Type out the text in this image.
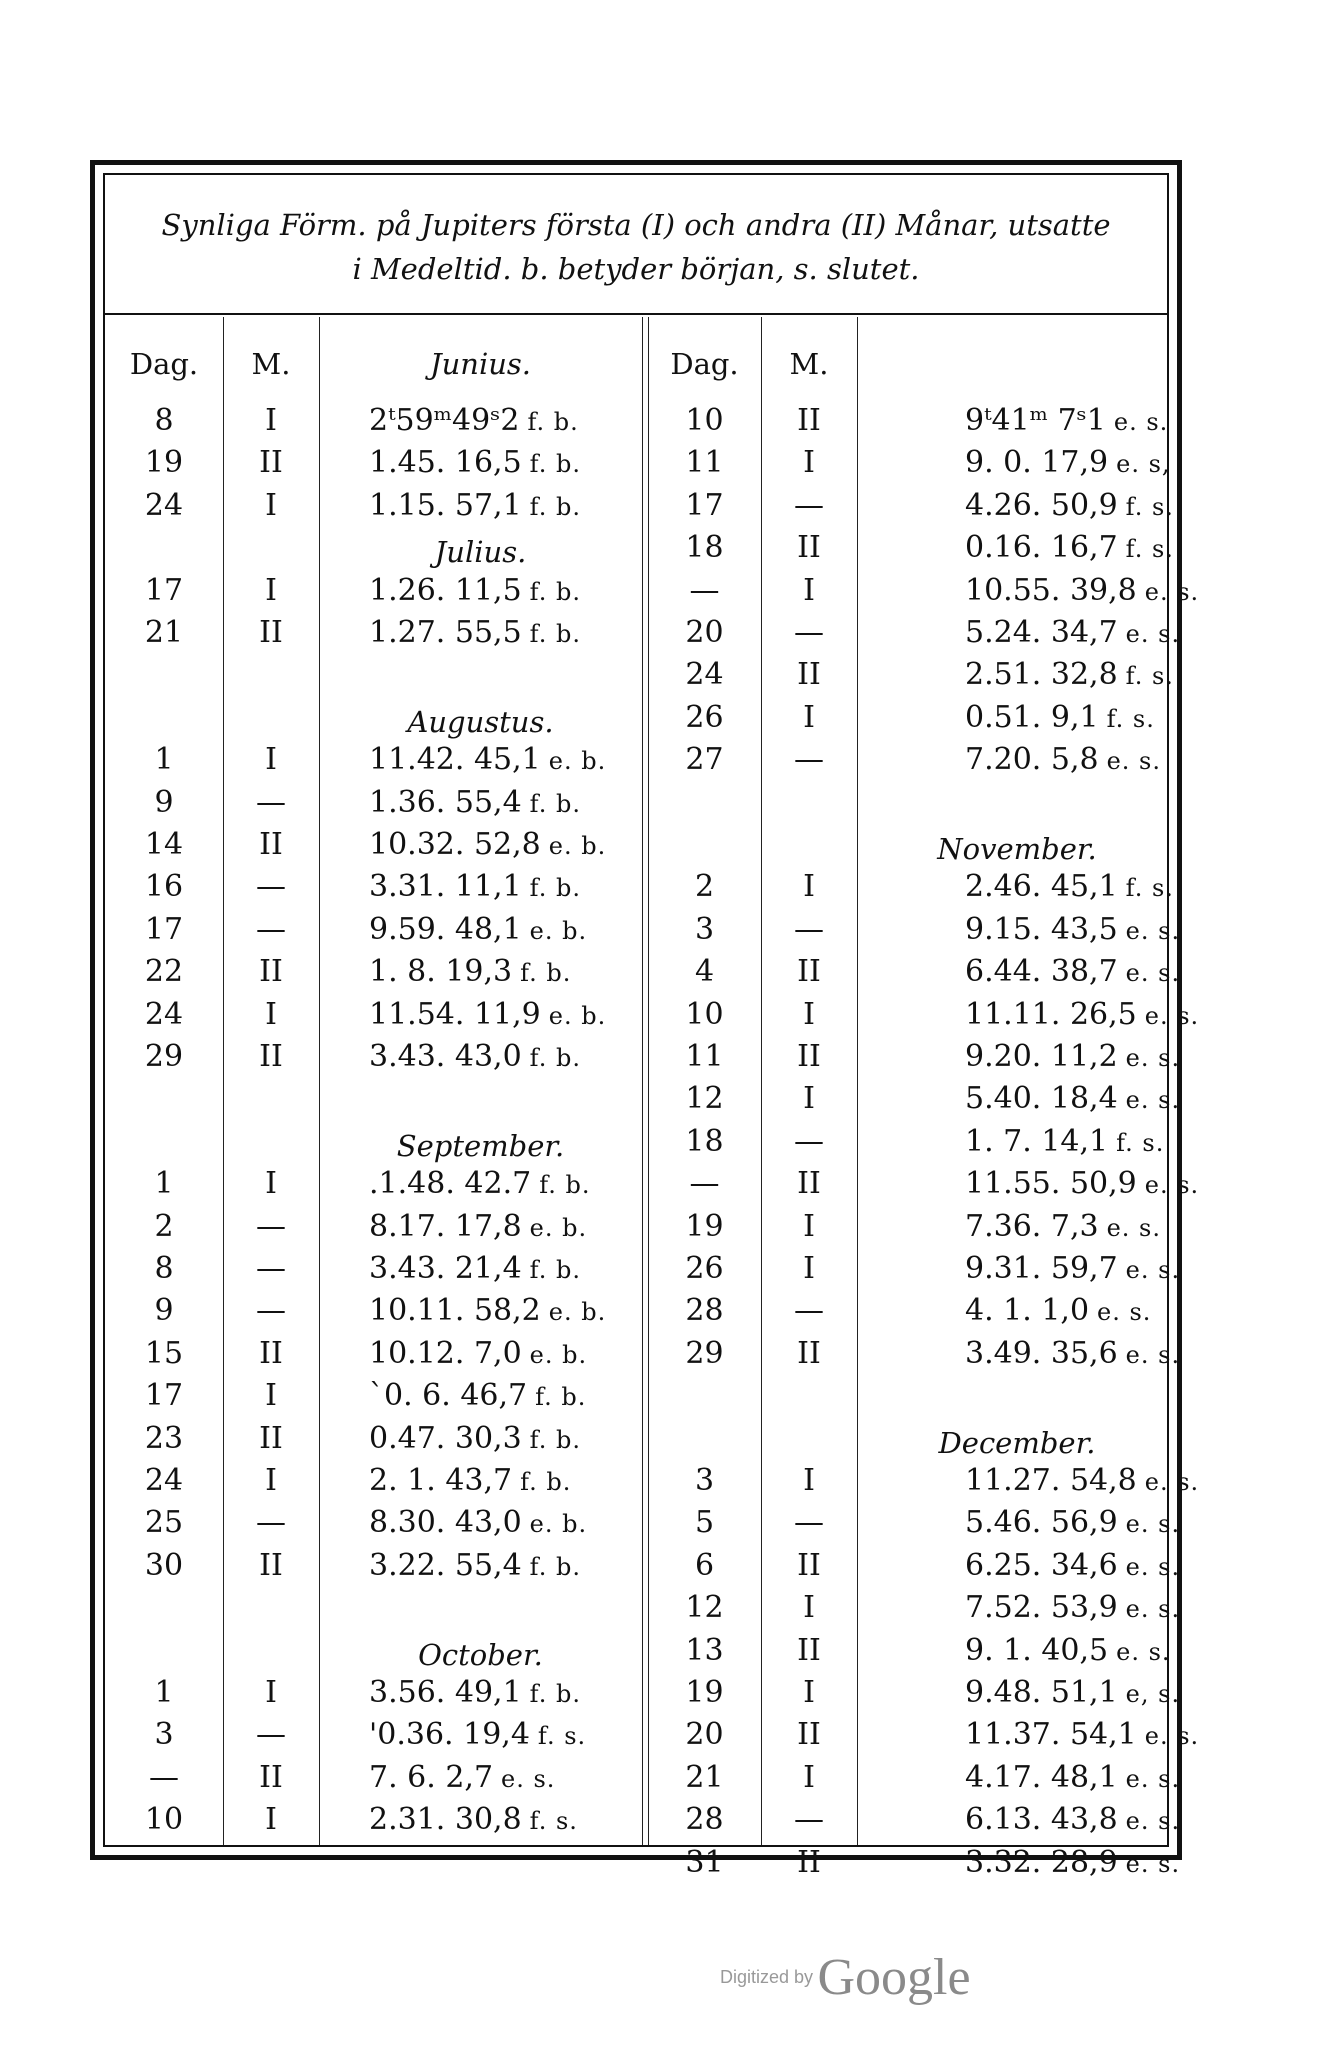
Synliga Förm. på Jupiters första (I) och andra (II) Månar, utsatte
i Medeltid. b. betyder början, s. slutet.
Dag.	M.	Junius.	Dag.	M.
8	I	2ᵗ59ᵐ49ˢ2 f. b.
19	II	1.45. 16,5 f. b.
24	I	1.15. 57,1 f. b.
Julius.
17	I	1.26. 11,5 f. b.
21	II	1.27. 55,5 f. b.
Augustus.
1	I	11.42. 45,1 e. b.
9	—	1.36. 55,4 f. b.
14	II	10.32. 52,8 e. b.
16	—	3.31. 11,1 f. b.
17	—	9.59. 48,1 e. b.
22	II	1. 8. 19,3 f. b.
24	I	11.54. 11,9 e. b.
29	II	3.43. 43,0 f. b.
September.
1	I	.1.48. 42.7 f. b.
2	—	8.17. 17,8 e. b.
8	—	3.43. 21,4 f. b.
9	—	10.11. 58,2 e. b.
15	II	10.12. 7,0 e. b.
17	I	`0. 6. 46,7 f. b.
23	II	0.47. 30,3 f. b.
24	I	2. 1. 43,7 f. b.
25	—	8.30. 43,0 e. b.
30	II	3.22. 55,4 f. b.
October.
1	I	3.56. 49,1 f. b.
3	—	'0.36. 19,4 f. s.
—	II	7. 6. 2,7 e. s.
10	I	2.31. 30,8 f. s.
10	II	9ᵗ41ᵐ 7ˢ1 e. s.
11	I	9. 0. 17,9 e. s,
17	—	4.26. 50,9 f. s.
18	II	0.16. 16,7 f. s.
—	I	10.55. 39,8 e. s.
20	—	5.24. 34,7 e. s.
24	II	2.51. 32,8 f. s.
26	I	0.51. 9,1 f. s.
27	—	7.20. 5,8 e. s.
November.
2	I	2.46. 45,1 f. s.
3	—	9.15. 43,5 e. s.
4	II	6.44. 38,7 e. s.
10	I	11.11. 26,5 e. s.
11	II	9.20. 11,2 e. s.
12	I	5.40. 18,4 e. s.
18	—	1. 7. 14,1 f. s.
—	II	11.55. 50,9 e. s.
19	I	7.36. 7,3 e. s.
26	I	9.31. 59,7 e. s.
28	—	4. 1. 1,0 e. s.
29	II	3.49. 35,6 e. s.
December.
3	I	11.27. 54,8 e. s.
5	—	5.46. 56,9 e. s.
6	II	6.25. 34,6 e. s.
12	I	7.52. 53,9 e. s.
13	II	9. 1. 40,5 e. s.
19	I	9.48. 51,1 e, s.
20	II	11.37. 54,1 e. s.
21	I	4.17. 48,1 e. s.
28	—	6.13. 43,8 e. s.
31	II	3.32. 28,9 e. s.
Digitized by Google
